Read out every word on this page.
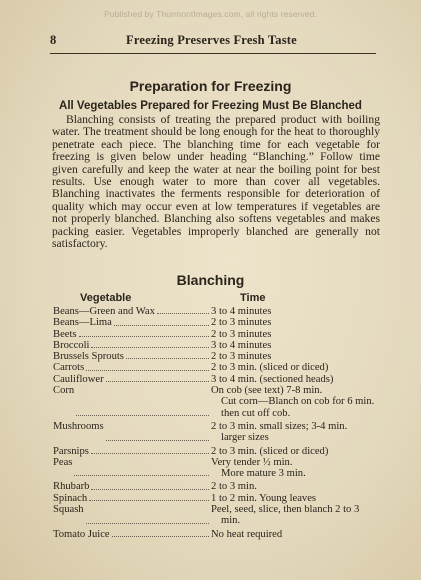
Published by ThurmontImages.com, all rights reserved.
8	Freezing Preserves Fresh Taste
Preparation for Freezing
All Vegetables Prepared for Freezing Must Be Blanched

Blanching consists of treating the prepared product with boiling water. The treatment should be long enough for the heat to thoroughly penetrate each piece. The blanching time for each vegetable for freezing is given below under heading “Blanching.” Follow time given carefully and keep the water at near the boiling point for best results. Use enough water to more than cover all vegetables. Blanching inactivates the ferments responsible for deterioration of quality which may occur even at low temperatures if vegetables are not properly blanched. Blanching also softens vegetables and makes packing easier. Vegetables improperly blanched are generally not satisfactory.

Blanching
Vegetable	Time
Beans—Green and Wax	3 to 4 minutes
Beans—Lima	2 to 3 minutes
Beets	2 to 3 minutes
Broccoli	3 to 4 minutes
Brussels Sprouts	2 to 3 minutes
Carrots	2 to 3 min. (sliced or diced)
Cauliflower	3 to 4 min. (sectioned heads)
Corn	On cob (see text) 7-8 min.
Cut corn—Blanch on cob for 6 min.
then cut off cob.
Mushrooms	2 to 3 min. small sizes; 3-4 min.
larger sizes
Parsnips	2 to 3 min. (sliced or diced)
Peas	Very tender ½ min.
More mature 3 min.
Rhubarb	2 to 3 min.
Spinach	1 to 2 min. Young leaves
Squash	Peel, seed, slice, then blanch 2 to 3
min.
Tomato Juice	No heat required
